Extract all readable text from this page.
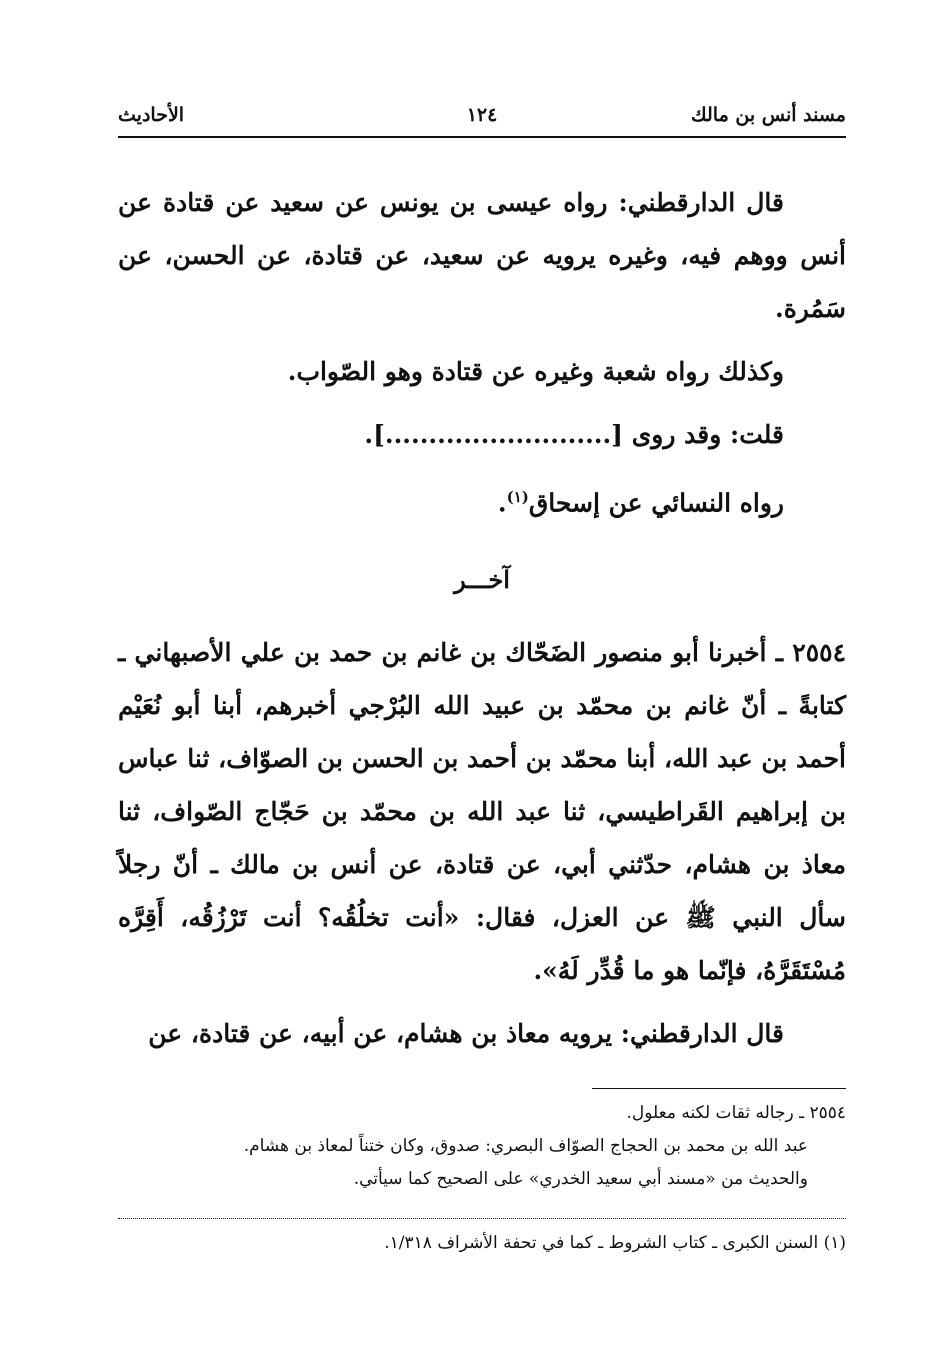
مسند أنس بن مالك
١٢٤
الأحاديث

قال الدارقطني: رواه عيسى بن يونس عن سعيد عن قتادة عن أنس ووهم فيه، وغيره يرويه عن سعيد، عن قتادة، عن الحسن، عن سَمُرة.

وكذلك رواه شعبة وغيره عن قتادة وهو الصّواب.

قلت: وقد روى [..........................].

رواه النسائي عن إسحاق$^{(١)}$.

آخـــر

٢٥٥٤ ـ أخبرنا أبو منصور الضَحّاك بن غانم بن حمد بن علي الأصبهاني ـ كتابةً ـ أنّ غانم بن محمّد بن عبيد الله البُرْجي أخبرهم، أبنا أبو نُعَيْم أحمد بن عبد الله، أبنا محمّد بن أحمد بن الحسن بن الصوّاف، ثنا عباس بن إبراهيم القَراطيسي، ثنا عبد الله بن محمّد بن حَجّاج الصّواف، ثنا معاذ بن هشام، حدّثني أبي، عن قتادة، عن أنس بن مالك ـ أنّ رجلاً سأل النبي ﷺ عن العزل، فقال: «أنت تخلُقُه؟ أنت تَرْزُقُه، أَقِرَّه مُسْتَقَرَّهُ، فإنّما هو ما قُدِّر لَهُ».

قال الدارقطني: يرويه معاذ بن هشام، عن أبيه، عن قتادة، عن

٢٥٥٤ ـ رجاله ثقات لكنه معلول.

عبد الله بن محمد بن الحجاج الصوّاف البصري: صدوق، وكان ختناً لمعاذ بن هشام.

والحديث من «مسند أبي سعيد الخدري» على الصحيح كما سيأتي.

(١) السنن الكبرى ـ كتاب الشروط ـ كما في تحفة الأشراف ١/٣١٨.
